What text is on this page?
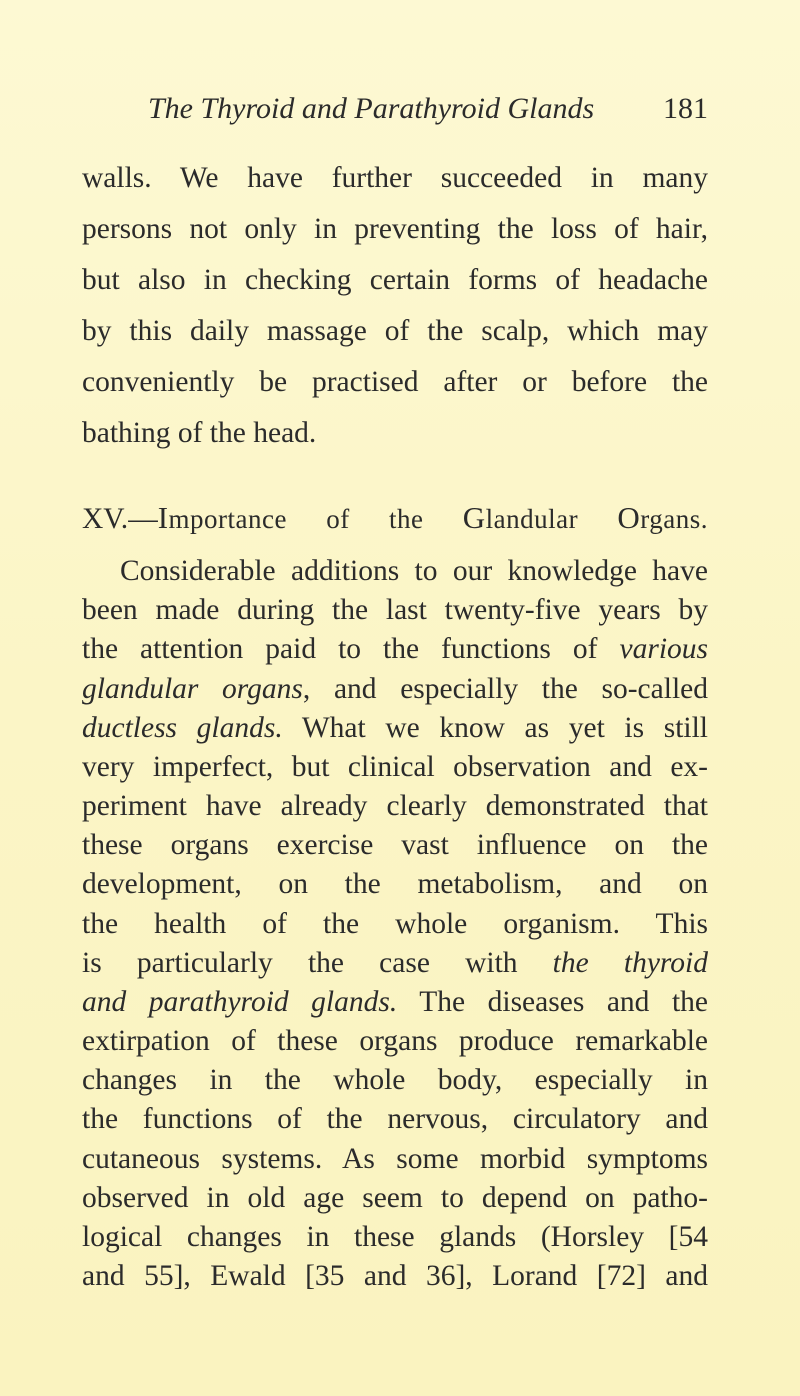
The Thyroid and Parathyroid Glands 181
walls. We have further succeeded in many
persons not only in preventing the loss of hair,
but also in checking certain forms of headache
by this daily massage of the scalp, which may
conveniently be practised after or before the
bathing of the head.
XV.—Importance of the Glandular Organs.
Considerable additions to our knowledge have
been made during the last twenty-five years by
the attention paid to the functions of various
glandular organs, and especially the so-called
ductless glands. What we know as yet is still
very imperfect, but clinical observation and ex-
periment have already clearly demonstrated that
these organs exercise vast influence on the
development, on the metabolism, and on
the health of the whole organism. This
is particularly the case with the thyroid
and parathyroid glands. The diseases and the
extirpation of these organs produce remarkable
changes in the whole body, especially in
the functions of the nervous, circulatory and
cutaneous systems. As some morbid symptoms
observed in old age seem to depend on patho-
logical changes in these glands (Horsley [54
and 55], Ewald [35 and 36], Lorand [72] and
